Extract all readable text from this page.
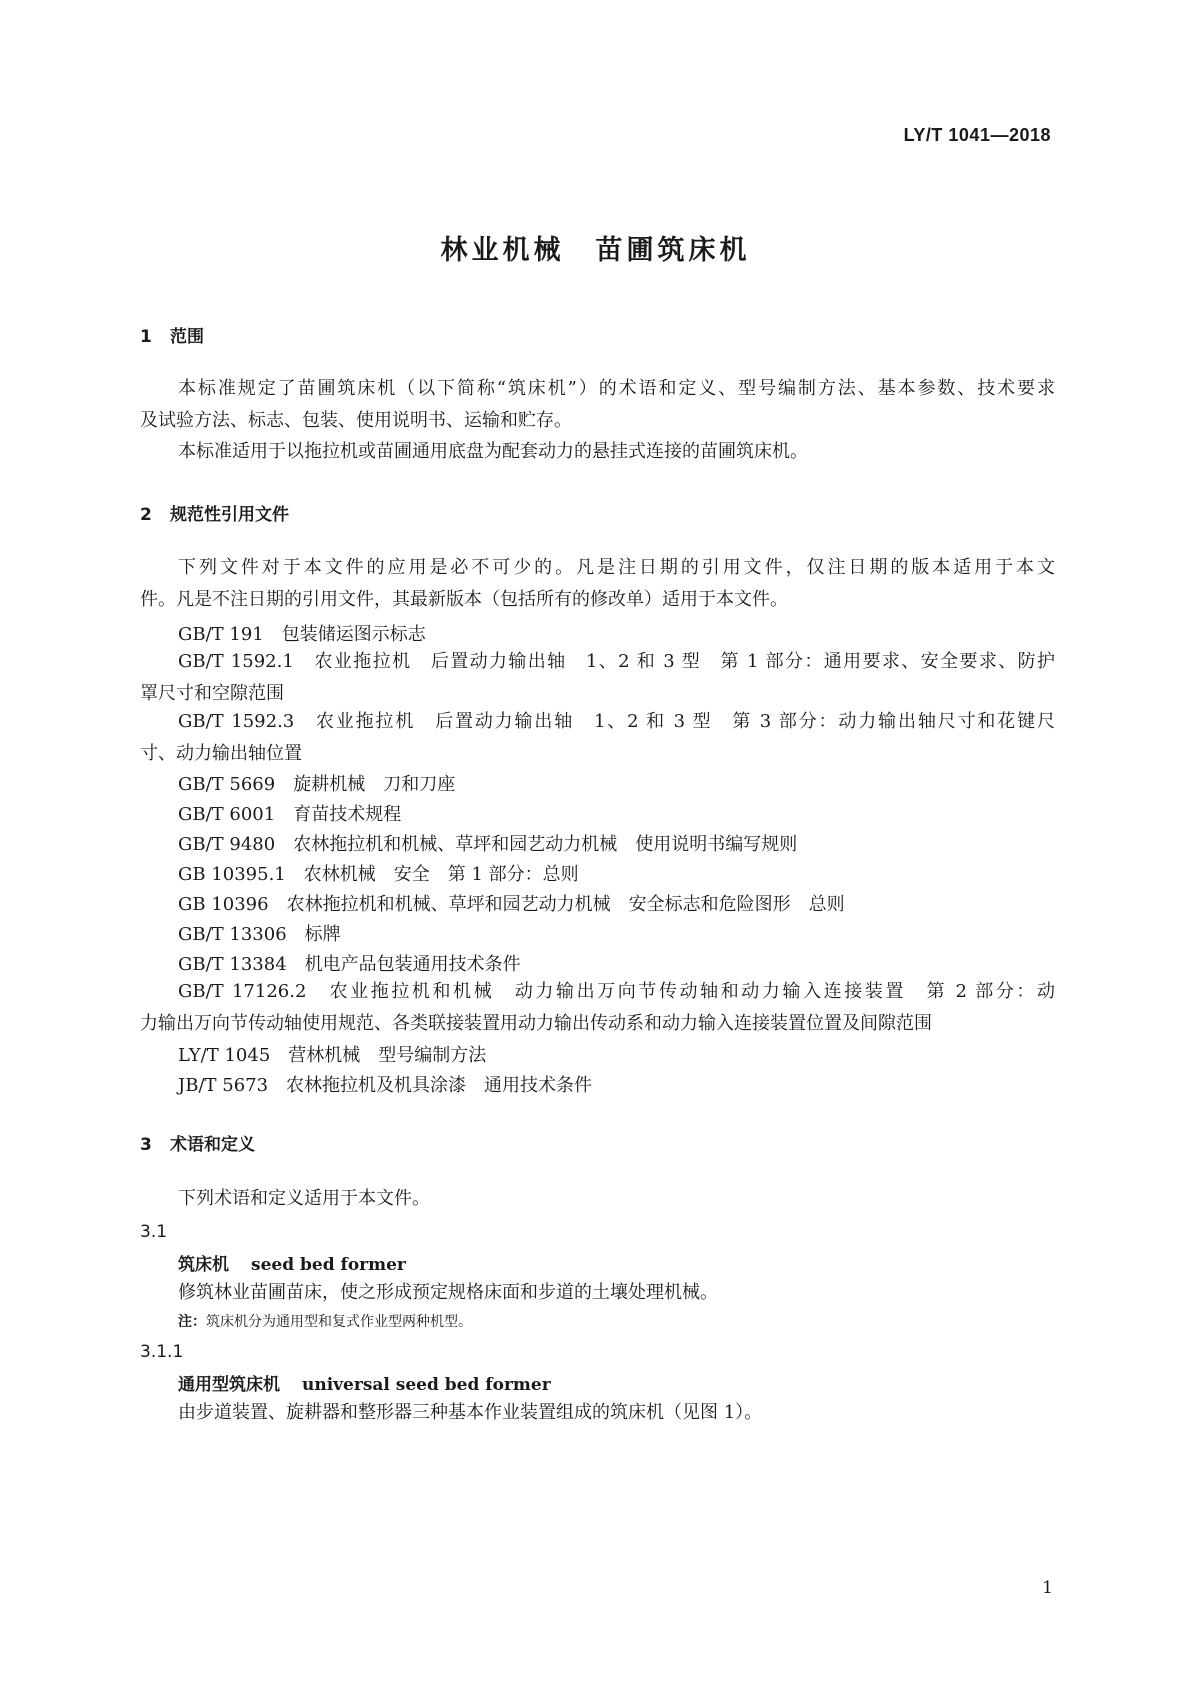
LY/T 1041—2018
林业机械　苗圃筑床机
1 范围
本标准规定了苗圃筑床机（以下简称“筑床机”）的术语和定义、型号编制方法、基本参数、技术要求
及试验方法、标志、包装、使用说明书、运输和贮存。
本标准适用于以拖拉机或苗圃通用底盘为配套动力的悬挂式连接的苗圃筑床机。
2 规范性引用文件
下列文件对于本文件的应用是必不可少的。凡是注日期的引用文件，仅注日期的版本适用于本文
件。凡是不注日期的引用文件，其最新版本（包括所有的修改单）适用于本文件。
GB/T 191 包装储运图示标志
GB/T 1592.1　农业拖拉机　后置动力输出轴　1、2 和 3 型　第 1 部分：通用要求、安全要求、防护
罩尺寸和空隙范围
GB/T 1592.3　农业拖拉机　后置动力输出轴　1、2 和 3 型　第 3 部分：动力输出轴尺寸和花键尺
寸、动力输出轴位置
GB/T 5669 旋耕机械　刀和刀座
GB/T 6001 育苗技术规程
GB/T 9480 农林拖拉机和机械、草坪和园艺动力机械　使用说明书编写规则
GB 10395.1 农林机械　安全　第 1 部分：总则
GB 10396 农林拖拉机和机械、草坪和园艺动力机械　安全标志和危险图形　总则
GB/T 13306 标牌
GB/T 13384 机电产品包装通用技术条件
GB/T 17126.2　农业拖拉机和机械　动力输出万向节传动轴和动力输入连接装置　第 2 部分：动
力输出万向节传动轴使用规范、各类联接装置用动力输出传动系和动力输入连接装置位置及间隙范围
LY/T 1045 营林机械　型号编制方法
JB/T 5673 农林拖拉机及机具涂漆　通用技术条件
3 术语和定义
下列术语和定义适用于本文件。
3.1
筑床机 seed bed former
修筑林业苗圃苗床，使之形成预定规格床面和步道的土壤处理机械。
注：筑床机分为通用型和复式作业型两种机型。
3.1.1
通用型筑床机 universal seed bed former
由步道装置、旋耕器和整形器三种基本作业装置组成的筑床机（见图 1）。
1
